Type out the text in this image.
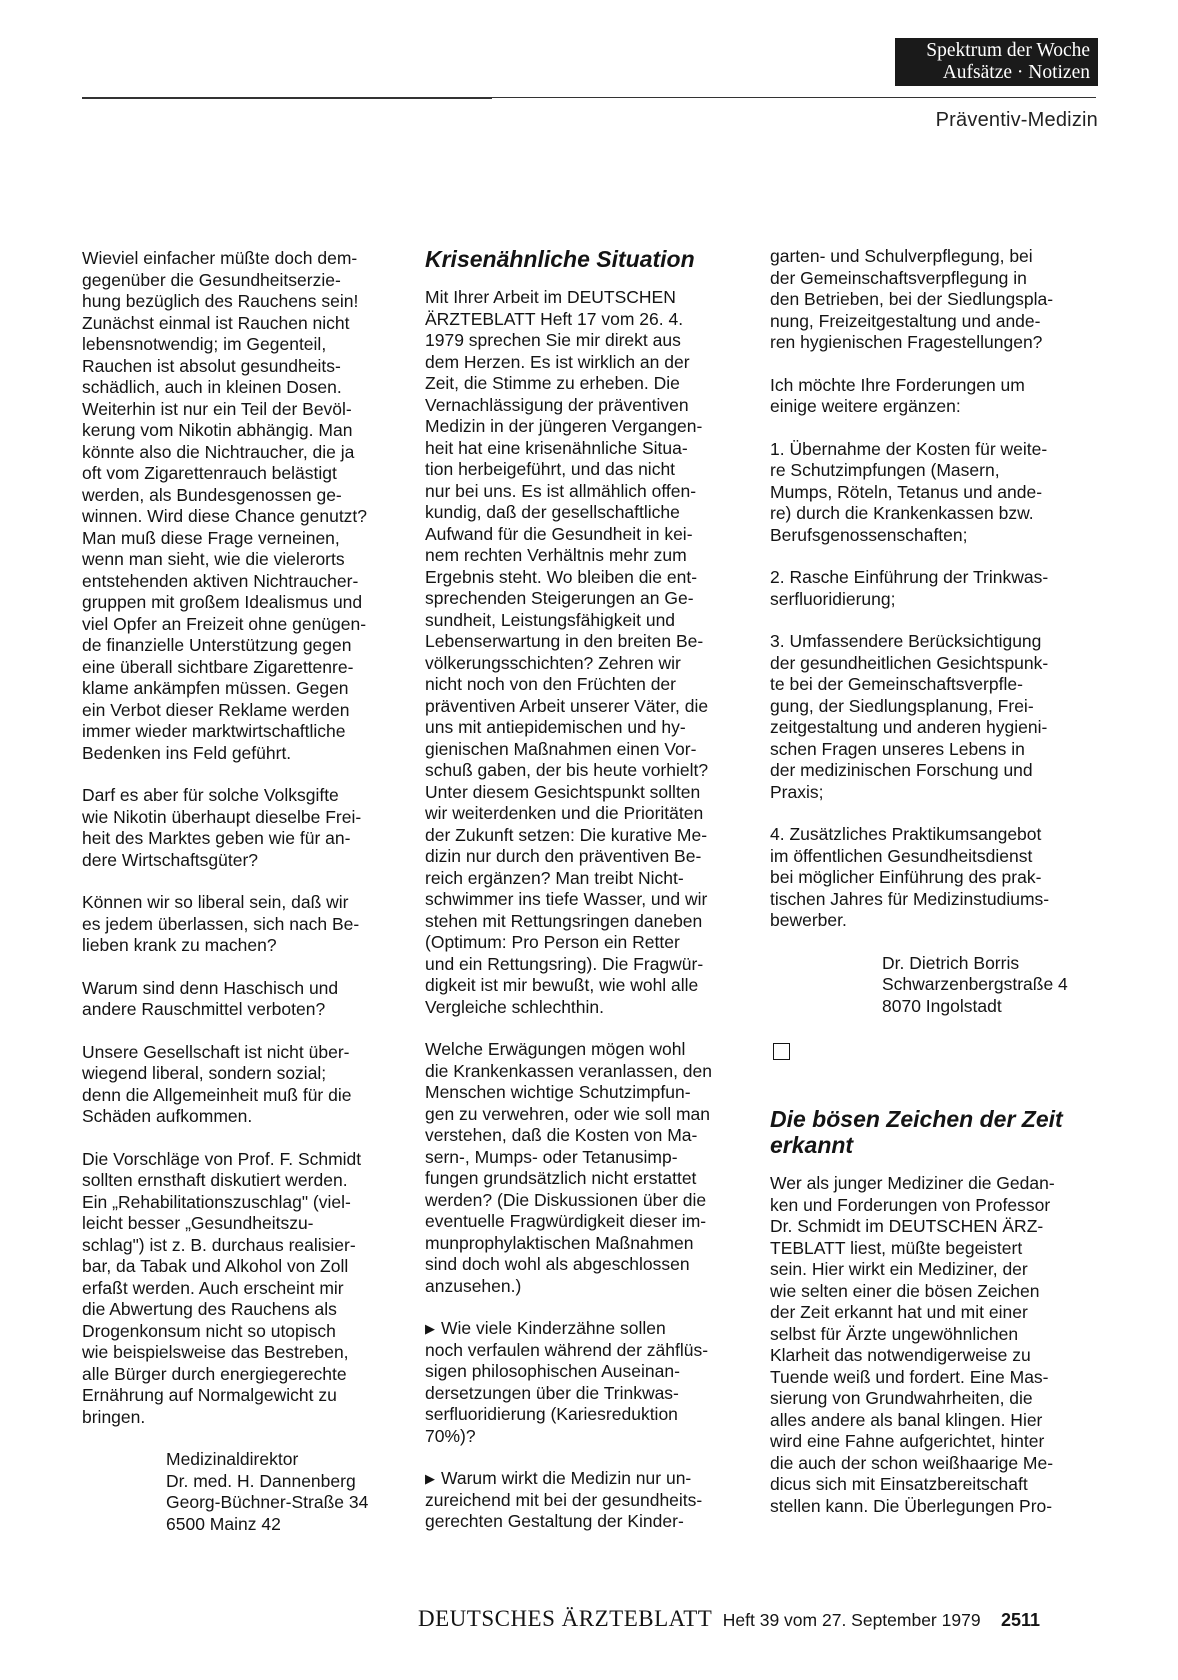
Spektrum der Woche
Aufsätze · Notizen
Präventiv-Medizin

Wieviel einfacher müßte doch dem-
gegenüber die Gesundheitserzie-
hung bezüglich des Rauchens sein!
Zunächst einmal ist Rauchen nicht
lebensnotwendig; im Gegenteil,
Rauchen ist absolut gesundheits-
schädlich, auch in kleinen Dosen.
Weiterhin ist nur ein Teil der Bevöl-
kerung vom Nikotin abhängig. Man
könnte also die Nichtraucher, die ja
oft vom Zigarettenrauch belästigt
werden, als Bundesgenossen ge-
winnen. Wird diese Chance genutzt?
Man muß diese Frage verneinen,
wenn man sieht, wie die vielerorts
entstehenden aktiven Nichtraucher-
gruppen mit großem Idealismus und
viel Opfer an Freizeit ohne genügen-
de finanzielle Unterstützung gegen
eine überall sichtbare Zigarettenre-
klame ankämpfen müssen. Gegen
ein Verbot dieser Reklame werden
immer wieder marktwirtschaftliche
Bedenken ins Feld geführt.

Darf es aber für solche Volksgifte
wie Nikotin überhaupt dieselbe Frei-
heit des Marktes geben wie für an-
dere Wirtschaftsgüter?

Können wir so liberal sein, daß wir
es jedem überlassen, sich nach Be-
lieben krank zu machen?

Warum sind denn Haschisch und
andere Rauschmittel verboten?

Unsere Gesellschaft ist nicht über-
wiegend liberal, sondern sozial;
denn die Allgemeinheit muß für die
Schäden aufkommen.

Die Vorschläge von Prof. F. Schmidt
sollten ernsthaft diskutiert werden.
Ein „Rehabilitationszuschlag" (viel-
leicht besser „Gesundheitszu-
schlag") ist z. B. durchaus realisier-
bar, da Tabak und Alkohol von Zoll
erfaßt werden. Auch erscheint mir
die Abwertung des Rauchens als
Drogenkonsum nicht so utopisch
wie beispielsweise das Bestreben,
alle Bürger durch energiegerechte
Ernährung auf Normalgewicht zu
bringen.

Medizinaldirektor
Dr. med. H. Dannenberg
Georg-Büchner-Straße 34
6500 Mainz 42

Krisenähnliche Situation

Mit Ihrer Arbeit im DEUTSCHEN
ÄRZTEBLATT Heft 17 vom 26. 4.
1979 sprechen Sie mir direkt aus
dem Herzen. Es ist wirklich an der
Zeit, die Stimme zu erheben. Die
Vernachlässigung der präventiven
Medizin in der jüngeren Vergangen-
heit hat eine krisenähnliche Situa-
tion herbeigeführt, und das nicht
nur bei uns. Es ist allmählich offen-
kundig, daß der gesellschaftliche
Aufwand für die Gesundheit in kei-
nem rechten Verhältnis mehr zum
Ergebnis steht. Wo bleiben die ent-
sprechenden Steigerungen an Ge-
sundheit, Leistungsfähigkeit und
Lebenserwartung in den breiten Be-
völkerungsschichten? Zehren wir
nicht noch von den Früchten der
präventiven Arbeit unserer Väter, die
uns mit antiepidemischen und hy-
gienischen Maßnahmen einen Vor-
schuß gaben, der bis heute vorhielt?
Unter diesem Gesichtspunkt sollten
wir weiterdenken und die Prioritäten
der Zukunft setzen: Die kurative Me-
dizin nur durch den präventiven Be-
reich ergänzen? Man treibt Nicht-
schwimmer ins tiefe Wasser, und wir
stehen mit Rettungsringen daneben
(Optimum: Pro Person ein Retter
und ein Rettungsring). Die Fragwür-
digkeit ist mir bewußt, wie wohl alle
Vergleiche schlechthin.

Welche Erwägungen mögen wohl
die Krankenkassen veranlassen, den
Menschen wichtige Schutzimpfun-
gen zu verwehren, oder wie soll man
verstehen, daß die Kosten von Ma-
sern-, Mumps- oder Tetanusimp-
fungen grundsätzlich nicht erstattet
werden? (Die Diskussionen über die
eventuelle Fragwürdigkeit dieser im-
munprophylaktischen Maßnahmen
sind doch wohl als abgeschlossen
anzusehen.)

▶ Wie viele Kinderzähne sollen
noch verfaulen während der zähflüs-
sigen philosophischen Auseinan-
dersetzungen über die Trinkwas-
serfluoridierung (Kariesreduktion
70%)?

▶ Warum wirkt die Medizin nur un-
zureichend mit bei der gesundheits-
gerechten Gestaltung der Kinder-

garten- und Schulverpflegung, bei
der Gemeinschaftsverpflegung in
den Betrieben, bei der Siedlungspla-
nung, Freizeitgestaltung und ande-
ren hygienischen Fragestellungen?

Ich möchte Ihre Forderungen um
einige weitere ergänzen:

1. Übernahme der Kosten für weite-
re Schutzimpfungen (Masern,
Mumps, Röteln, Tetanus und ande-
re) durch die Krankenkassen bzw.
Berufsgenossenschaften;

2. Rasche Einführung der Trinkwas-
serfluoridierung;

3. Umfassendere Berücksichtigung
der gesundheitlichen Gesichtspunk-
te bei der Gemeinschaftsverpfle-
gung, der Siedlungsplanung, Frei-
zeitgestaltung und anderen hygieni-
schen Fragen unseres Lebens in
der medizinischen Forschung und
Praxis;

4. Zusätzliches Praktikumsangebot
im öffentlichen Gesundheitsdienst
bei möglicher Einführung des prak-
tischen Jahres für Medizinstudiums-
bewerber.

Dr. Dietrich Borris
Schwarzenbergstraße 4
8070 Ingolstadt

Die bösen Zeichen der Zeit erkannt

Wer als junger Mediziner die Gedan-
ken und Forderungen von Professor
Dr. Schmidt im DEUTSCHEN ÄRZ-
TEBLATT liest, müßte begeistert
sein. Hier wirkt ein Mediziner, der
wie selten einer die bösen Zeichen
der Zeit erkannt hat und mit einer
selbst für Ärzte ungewöhnlichen
Klarheit das notwendigerweise zu
Tuende weiß und fordert. Eine Mas-
sierung von Grundwahrheiten, die
alles andere als banal klingen. Hier
wird eine Fahne aufgerichtet, hinter
die auch der schon weißhaarige Me-
dicus sich mit Einsatzbereitschaft
stellen kann. Die Überlegungen Pro-

DEUTSCHES ÄRZTEBLATT Heft 39 vom 27. September 1979 2511
